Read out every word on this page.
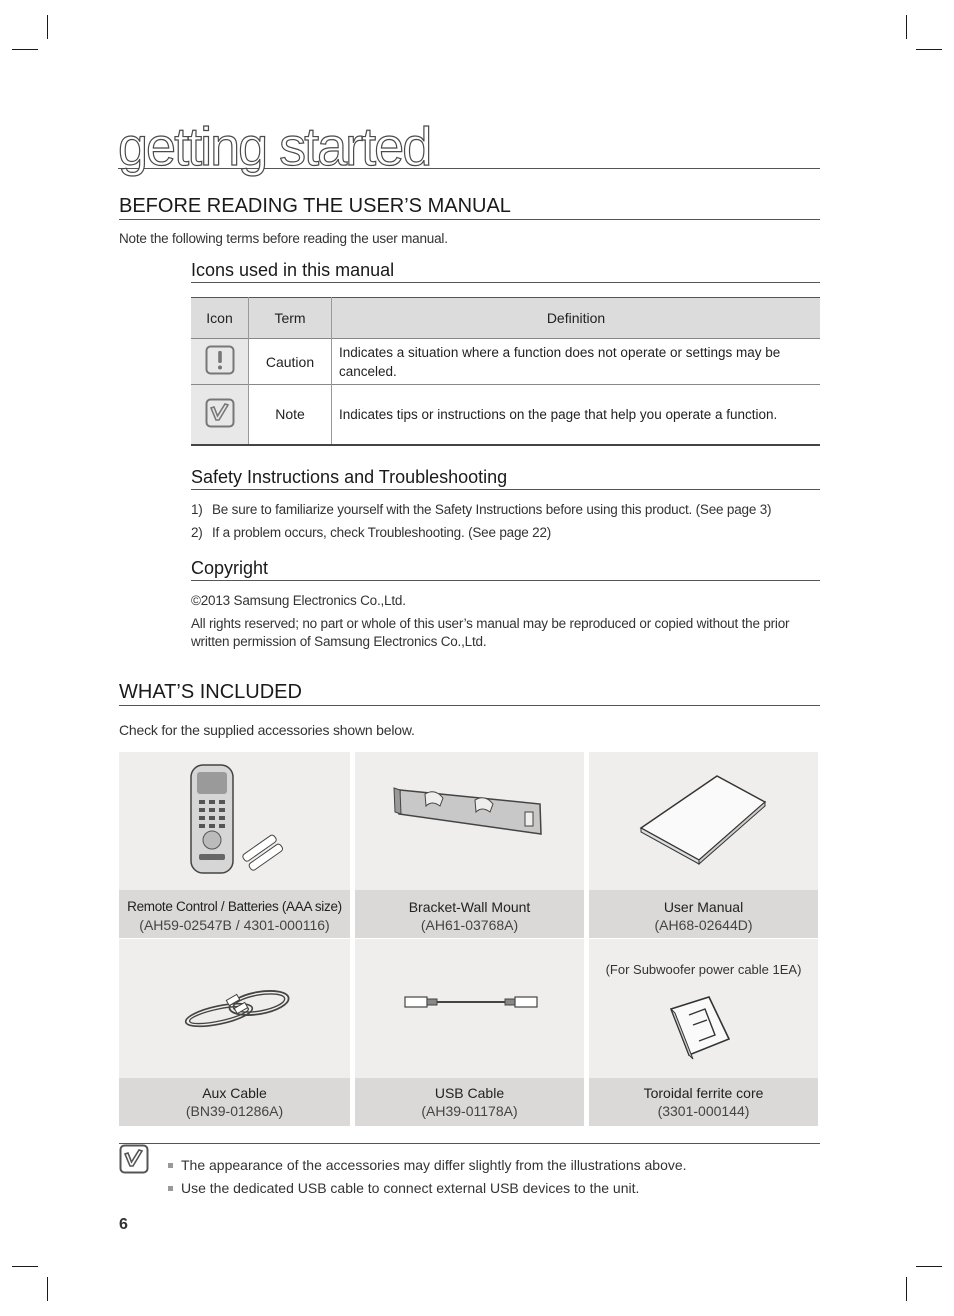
getting started
BEFORE READING THE USER’S MANUAL
Note the following terms before reading the user manual.
Icons used in this manual
Icon	Term	Definition
	Caution	Indicates a situation where a function does not operate or settings may be canceled.
	Note	Indicates tips or instructions on the page that help you operate a function.
Safety Instructions and Troubleshooting
1) Be sure to familiarize yourself with the Safety Instructions before using this product. (See page 3)
2) If a problem occurs, check Troubleshooting. (See page 22)
Copyright
©2013 Samsung Electronics Co.,Ltd.
All rights reserved; no part or whole of this user’s manual may be reproduced or copied without the prior
written permission of Samsung Electronics Co.,Ltd.
WHAT’S INCLUDED
Check for the supplied accessories shown below.
Remote Control / Batteries (AAA size)
(AH59-02547B / 4301-000116)
Bracket-Wall Mount
(AH61-03768A)
User Manual
(AH68-02644D)
(For Subwoofer power cable 1EA)
Aux Cable
(BN39-01286A)
USB Cable
(AH39-01178A)
Toroidal ferrite core
(3301-000144)
The appearance of the accessories may differ slightly from the illustrations above.
Use the dedicated USB cable to connect external USB devices to the unit.
6
